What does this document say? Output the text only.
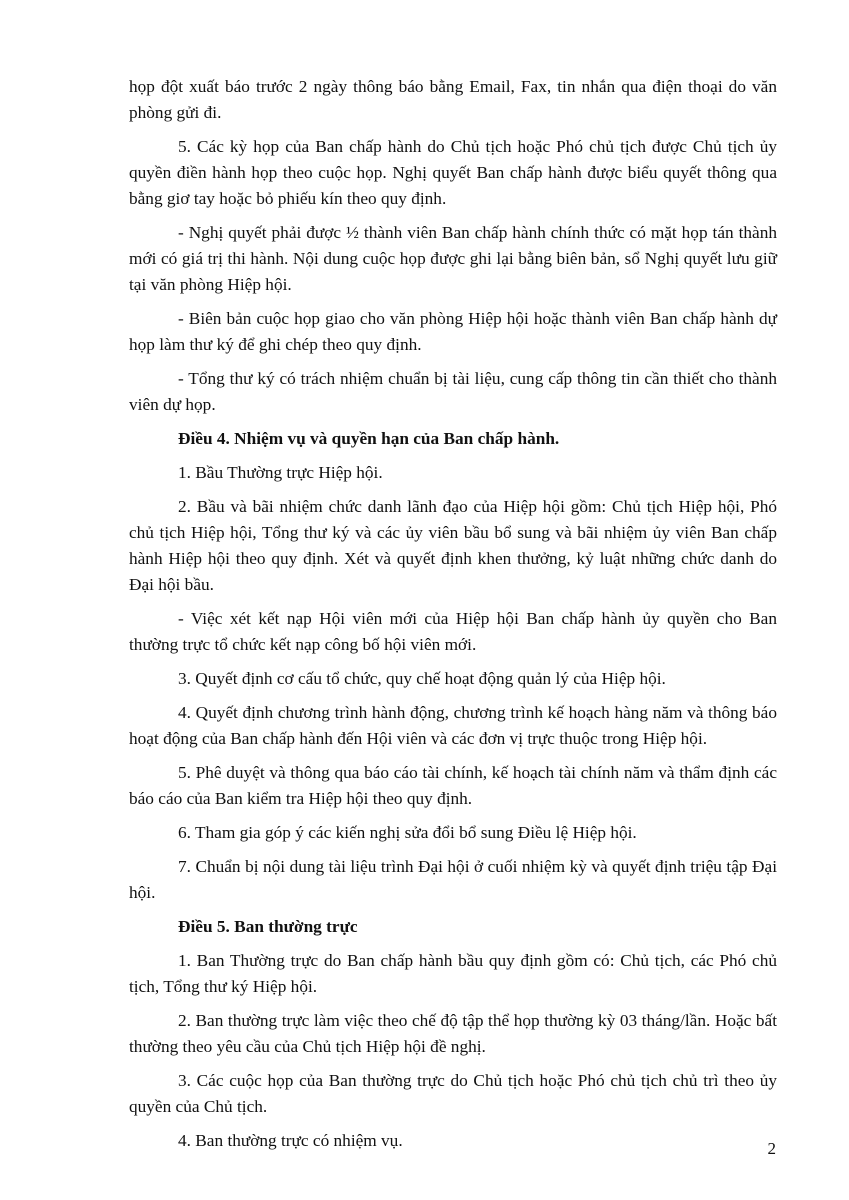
họp đột xuất báo trước 2 ngày thông báo bằng Email, Fax, tin nhắn qua điện thoại do văn phòng gửi đi.

5. Các kỳ họp của Ban chấp hành do Chủ tịch hoặc Phó chủ tịch được Chủ tịch ủy quyền điền hành họp theo cuộc họp. Nghị quyết Ban chấp hành được biểu quyết thông qua bằng giơ tay hoặc bỏ phiếu kín theo quy định.

- Nghị quyết phải được ½ thành viên Ban chấp hành chính thức có mặt họp tán thành mới có giá trị thi hành. Nội dung cuộc họp được ghi lại bằng biên bản, sổ Nghị quyết lưu giữ tại văn phòng Hiệp hội.

- Biên bản cuộc họp giao cho văn phòng Hiệp hội hoặc thành viên Ban chấp hành dự họp làm thư ký để ghi chép theo quy định.

- Tổng thư ký có trách nhiệm chuẩn bị tài liệu, cung cấp thông tin cần thiết cho thành viên dự họp.

Điều 4. Nhiệm vụ và quyền hạn của Ban chấp hành.

1. Bầu Thường trực Hiệp hội.

2. Bầu và bãi nhiệm chức danh lãnh đạo của Hiệp hội gồm: Chủ tịch Hiệp hội, Phó chủ tịch Hiệp hội, Tổng thư ký và các ủy viên bầu bổ sung và bãi nhiệm ủy viên Ban chấp hành Hiệp hội theo quy định. Xét và quyết định khen thưởng, kỷ luật những chức danh do Đại hội bầu.

- Việc xét kết nạp Hội viên mới của Hiệp hội Ban chấp hành ủy quyền cho Ban thường trực tổ chức kết nạp công bố hội viên mới.

3. Quyết định cơ cấu tổ chức, quy chế hoạt động quản lý của Hiệp hội.

4. Quyết định chương trình hành động, chương trình kế hoạch hàng năm và thông báo hoạt động của Ban chấp hành đến Hội viên và các đơn vị trực thuộc trong Hiệp hội.

5. Phê duyệt và thông qua báo cáo tài chính, kế hoạch tài chính năm và thẩm định các báo cáo của Ban kiểm tra Hiệp hội theo quy định.

6. Tham gia góp ý các kiến nghị sửa đổi bổ sung Điều lệ Hiệp hội.

7. Chuẩn bị nội dung tài liệu trình Đại hội ở cuối nhiệm kỳ và quyết định triệu tập Đại hội.

Điều 5. Ban thường trực

1. Ban Thường trực do Ban chấp hành bầu quy định gồm có: Chủ tịch, các Phó chủ tịch, Tổng thư ký Hiệp hội.

2. Ban thường trực làm việc theo chế độ tập thể họp thường kỳ 03 tháng/lần. Hoặc bất thường theo yêu cầu của Chủ tịch Hiệp hội đề nghị.

3. Các cuộc họp của Ban thường trực do Chủ tịch hoặc Phó chủ tịch chủ trì theo ủy quyền của Chủ tịch.

4. Ban thường trực có nhiệm vụ.	2
